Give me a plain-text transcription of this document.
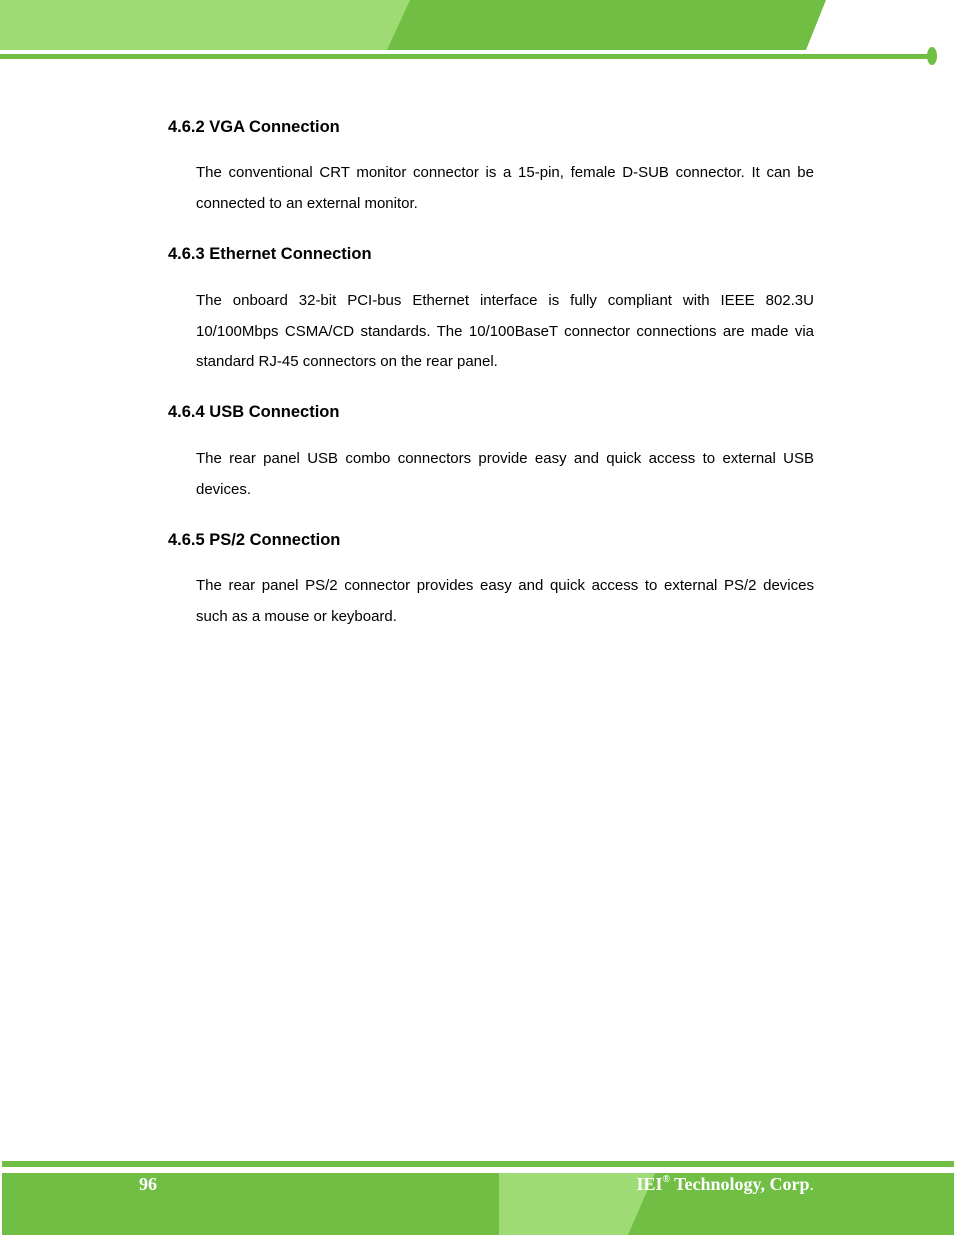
4.6.2 VGA Connection

The conventional CRT monitor connector is a 15-pin, female D-SUB connector. It can be connected to an external monitor.

4.6.3 Ethernet Connection

The onboard 32-bit PCI-bus Ethernet interface is fully compliant with IEEE 802.3U 10/100Mbps CSMA/CD standards. The 10/100BaseT connector connections are made via standard RJ-45 connectors on the rear panel.

4.6.4 USB Connection

The rear panel USB combo connectors provide easy and quick access to external USB devices.

4.6.5 PS/2 Connection

The rear panel PS/2 connector provides easy and quick access to external PS/2 devices such as a mouse or keyboard.

96	IEI® Technology, Corp.
